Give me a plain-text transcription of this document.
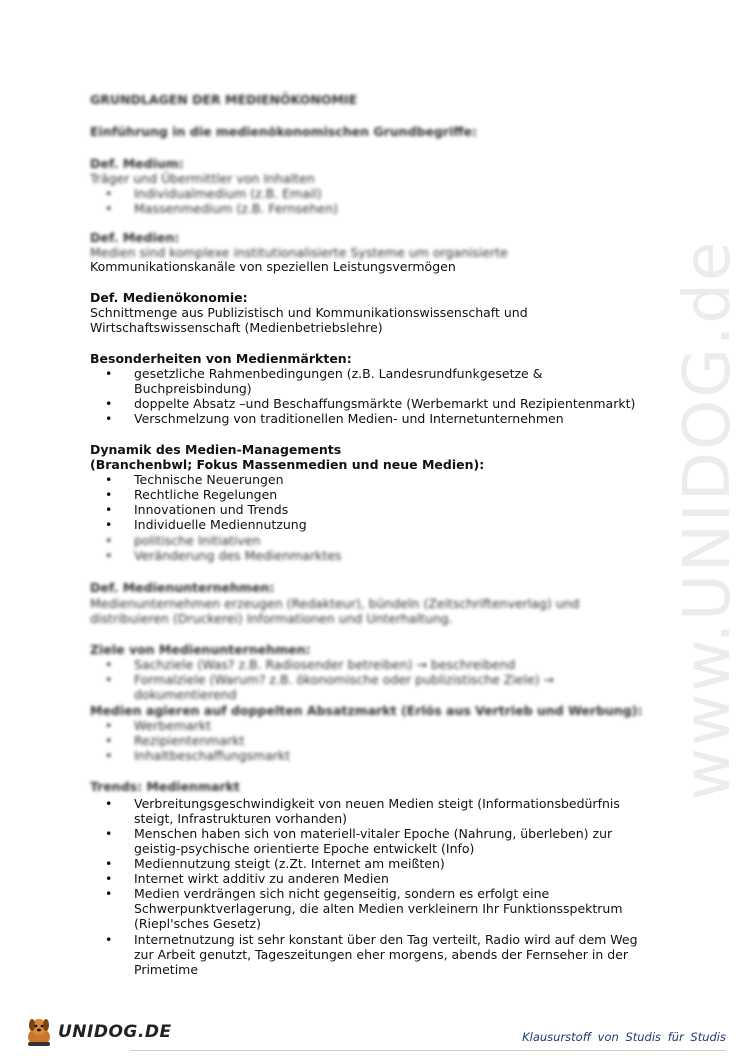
www.UNIDOG.de
GRUNDLAGEN DER MEDIENÖKONOMIE
Einführung in die medienökonomischen Grundbegriffe:
Def. Medium:
Träger und Übermittler von Inhalten
•	Individualmedium (z.B. Email)
•	Massenmedium (z.B. Fernsehen)
Def. Medien:
Medien sind komplexe institutionalisierte Systeme um organisierte
Kommunikationskanäle von speziellen Leistungsvermögen
Def. Medienökonomie:
Schnittmenge aus Publizistisch und Kommunikationswissenschaft und
Wirtschaftswissenschaft (Medienbetriebslehre)
Besonderheiten von Medienmärkten:
•	gesetzliche Rahmenbedingungen (z.B. Landesrundfunkgesetze &
Buchpreisbindung)
•	doppelte Absatz –und Beschaffungsmärkte (Werbemarkt und Rezipientenmarkt)
•	Verschmelzung von traditionellen Medien- und Internetunternehmen
Dynamik des Medien-Managements
(Branchenbwl; Fokus Massenmedien und neue Medien):
•	Technische Neuerungen
•	Rechtliche Regelungen
•	Innovationen und Trends
•	Individuelle Mediennutzung
•	politische Initiativen
•	Veränderung des Medienmarktes
Def. Medienunternehmen:
Medienunternehmen erzeugen (Redakteur), bündeln (Zeitschriftenverlag) und
distribuieren (Druckerei) Informationen und Unterhaltung.
Ziele von Medienunternehmen:
•	Sachziele (Was? z.B. Radiosender betreiben) → beschreibend
•	Formalziele (Warum? z.B. ökonomische oder publizistische Ziele) →
dokumentierend
Medien agieren auf doppelten Absatzmarkt (Erlös aus Vertrieb und Werbung):
•	Werbemarkt
•	Rezipientenmarkt
•	Inhaltbeschaffungsmarkt
Trends: Medienmarkt
•	Verbreitungsgeschwindigkeit von neuen Medien steigt (Informationsbedürfnis
steigt, Infrastrukturen vorhanden)
•	Menschen haben sich von materiell-vitaler Epoche (Nahrung, überleben) zur
geistig-psychische orientierte Epoche entwickelt (Info)
•	Mediennutzung steigt (z.Zt. Internet am meißten)
•	Internet wirkt additiv zu anderen Medien
•	Medien verdrängen sich nicht gegenseitig, sondern es erfolgt eine
Schwerpunktverlagerung, die alten Medien verkleinern Ihr Funktionsspektrum
(Riepl'sches Gesetz)
•	Internetnutzung ist sehr konstant über den Tag verteilt, Radio wird auf dem Weg
zur Arbeit genutzt, Tageszeitungen eher morgens, abends der Fernseher in der
Primetime
UNIDOG.DE	Klausurstoff von Studis für Studis
